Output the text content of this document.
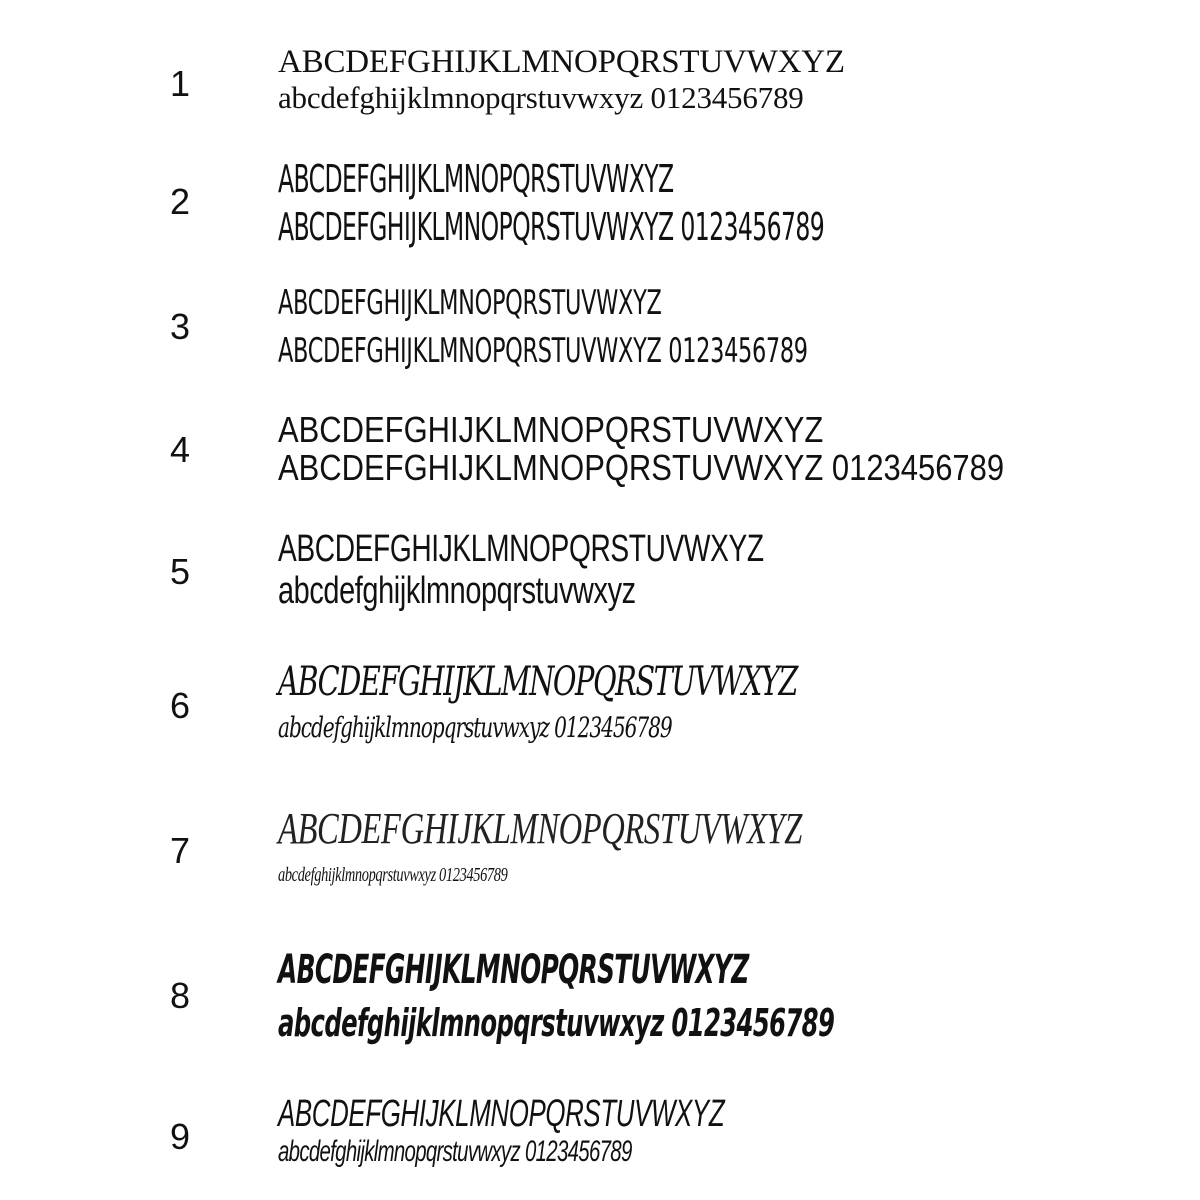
1
ABCDEFGHIJKLMNOPQRSTUVWXYZ
abcdefghijklmnopqrstuvwxyz 0123456789
2
ABCDEFGHIJKLMNOPQRSTUVWXYZ
ABCDEFGHIJKLMNOPQRSTUVWXYZ 0123456789
3
ABCDEFGHIJKLMNOPQRSTUVWXYZ
ABCDEFGHIJKLMNOPQRSTUVWXYZ 0123456789
4	ABCDEFGHIJKLMNOPQRSTUVWXYZ
ABCDEFGHIJKLMNOPQRSTUVWXYZ 0123456789
5
ABCDEFGHIJKLMNOPQRSTUVWXYZ
abcdefghijklmnopqrstuvwxyz
6
ABCDEFGHIJKLMNOPQRSTUVWXYZ
abcdefghijklmnopqrstuvwxyz 0123456789
7	ABCDEFGHIJKLMNOPQRSTUVWXYZ
abcdefghijklmnopqrstuvwxyz 0123456789
8
ABCDEFGHIJKLMNOPQRSTUVWXYZ
abcdefghijklmnopqrstuvwxyz 0123456789
9
ABCDEFGHIJKLMNOPQRSTUVWXYZ
abcdefghijklmnopqrstuvwxyz 0123456789
